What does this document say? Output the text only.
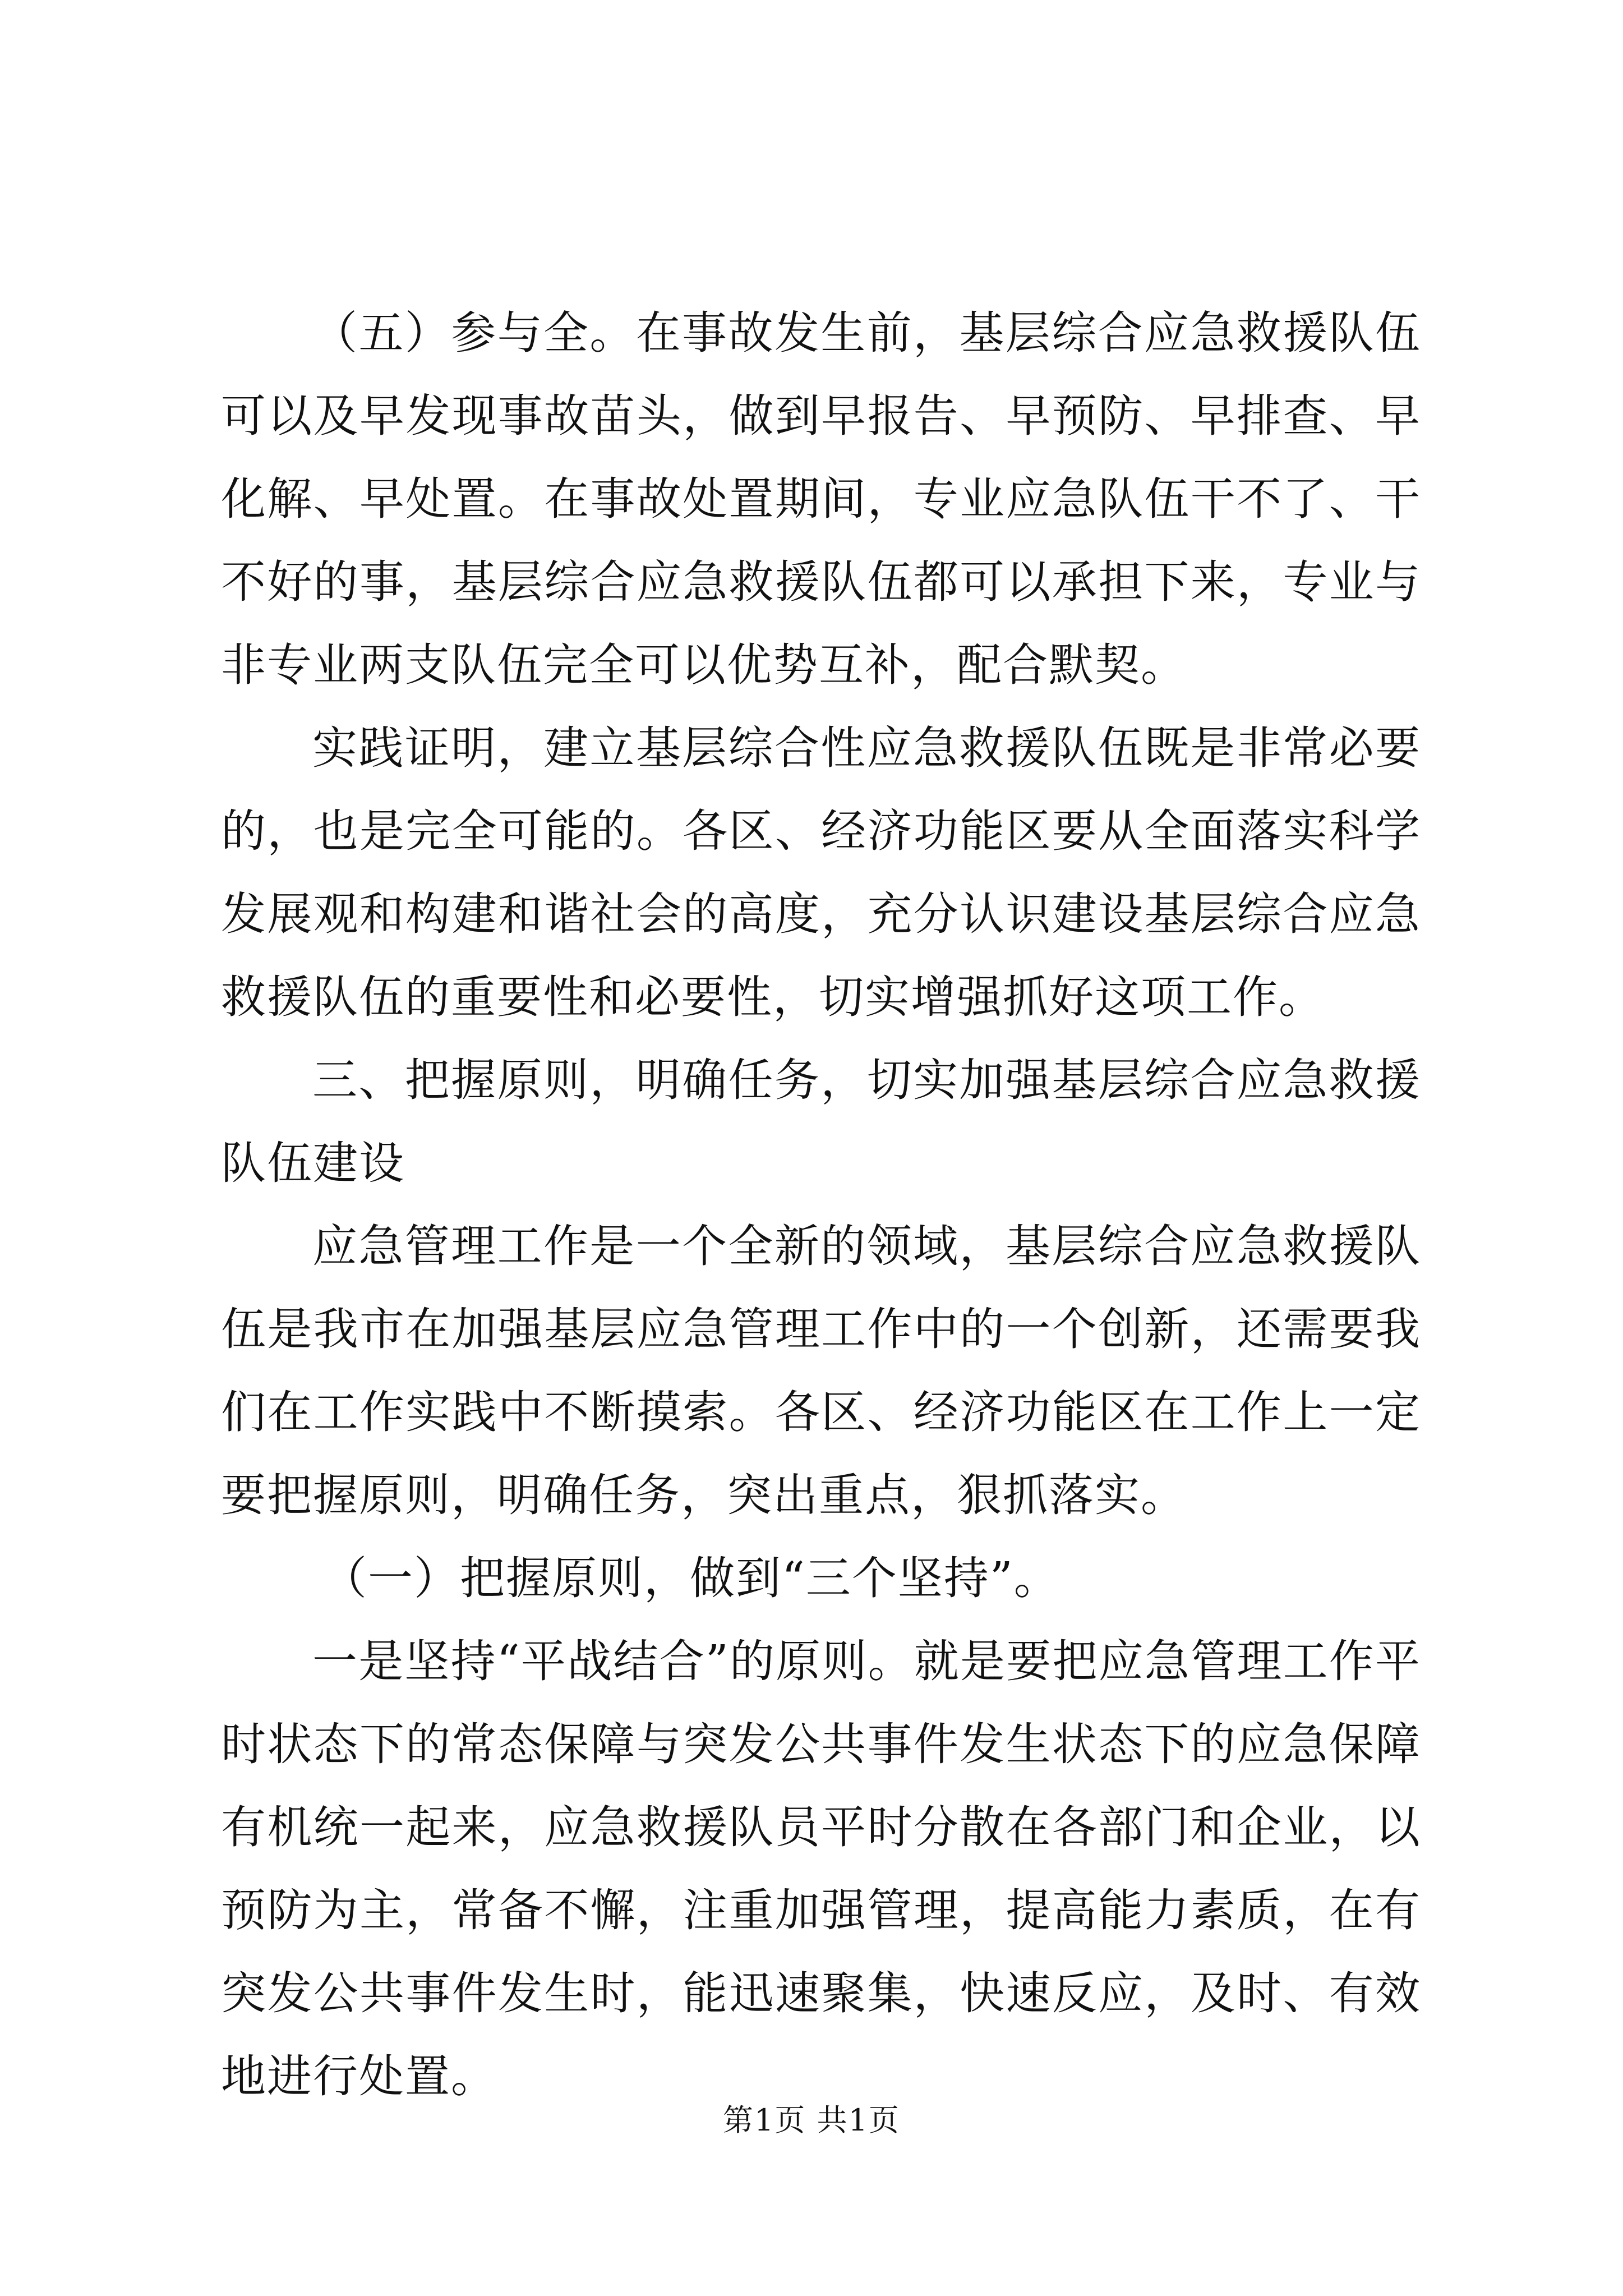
（五）参与全。在事故发生前，基层综合应急救援队伍可以及早发现事故苗头，做到早报告、早预防、早排查、早化解、早处置。在事故处置期间，专业应急队伍干不了、干不好的事，基层综合应急救援队伍都可以承担下来，专业与非专业两支队伍完全可以优势互补，配合默契。

实践证明，建立基层综合性应急救援队伍既是非常必要的，也是完全可能的。各区、经济功能区要从全面落实科学发展观和构建和谐社会的高度，充分认识建设基层综合应急救援队伍的重要性和必要性，切实增强抓好这项工作。

三、把握原则，明确任务，切实加强基层综合应急救援队伍建设

应急管理工作是一个全新的领域，基层综合应急救援队伍是我市在加强基层应急管理工作中的一个创新，还需要我们在工作实践中不断摸索。各区、经济功能区在工作上一定要把握原则，明确任务，突出重点，狠抓落实。

（一）把握原则，做到“三个坚持”。

一是坚持“平战结合”的原则。就是要把应急管理工作平时状态下的常态保障与突发公共事件发生状态下的应急保障有机统一起来，应急救援队员平时分散在各部门和企业，以预防为主，常备不懈，注重加强管理，提高能力素质，在有突发公共事件发生时，能迅速聚集，快速反应，及时、有效地进行处置。

第1页 共1页
